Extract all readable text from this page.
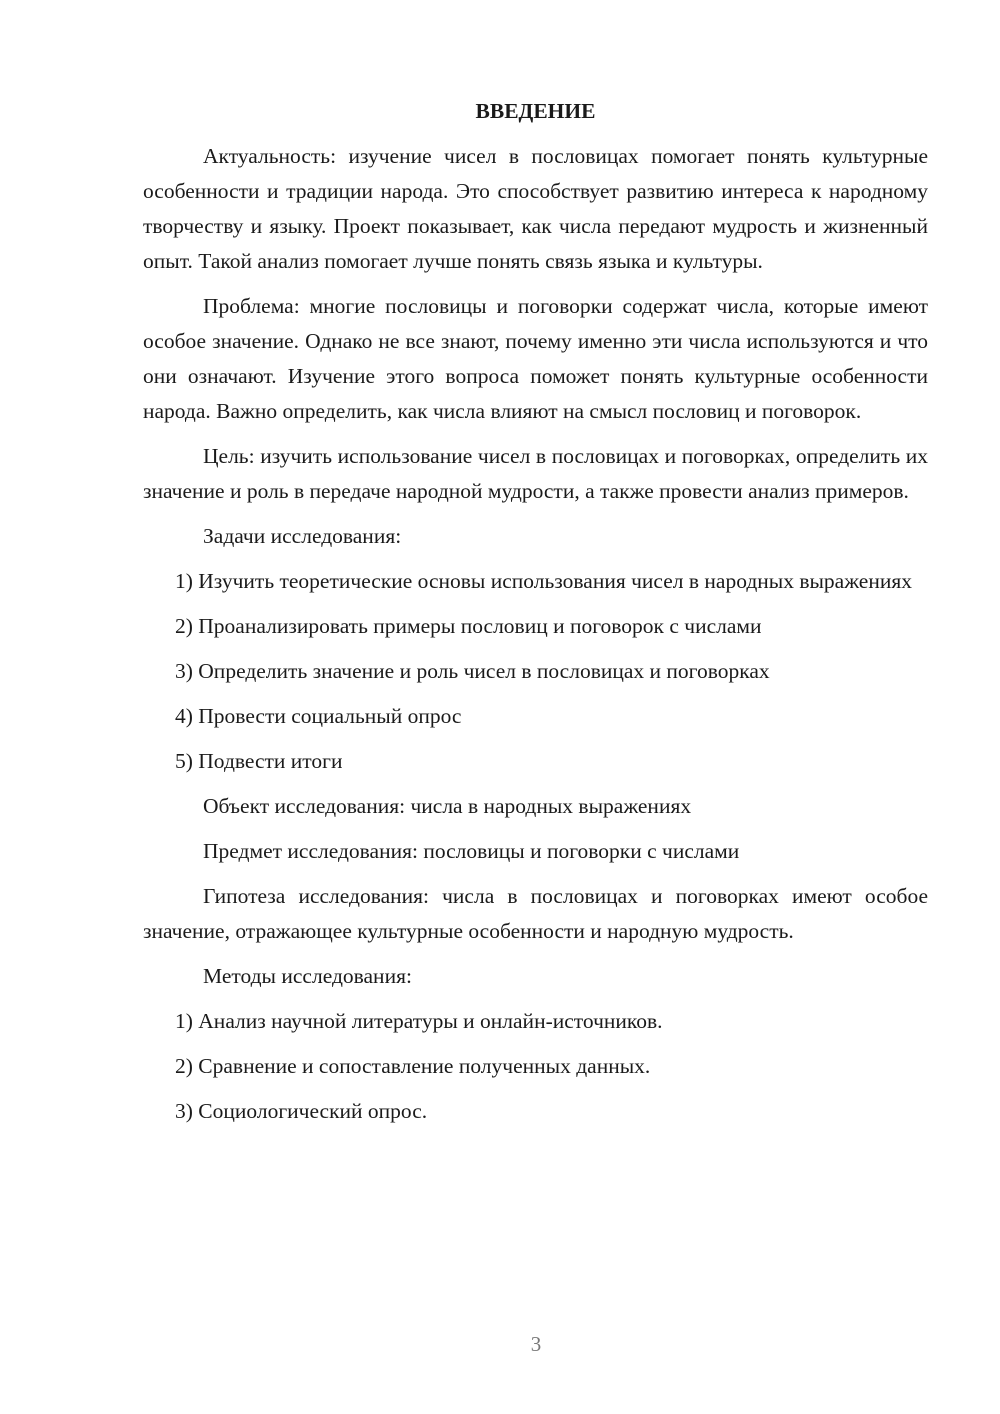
ВВЕДЕНИЕ

Актуальность: изучение чисел в пословицах помогает понять культурные особенности и традиции народа. Это способствует развитию интереса к народному творчеству и языку. Проект показывает, как числа передают мудрость и жизненный опыт. Такой анализ помогает лучше понять связь языка и культуры.

Проблема: многие пословицы и поговорки содержат числа, которые имеют особое значение. Однако не все знают, почему именно эти числа используются и что они означают. Изучение этого вопроса поможет понять культурные особенности народа. Важно определить, как числа влияют на смысл пословиц и поговорок.

Цель: изучить использование чисел в пословицах и поговорках, определить их значение и роль в передаче народной мудрости, а также провести анализ примеров.

Задачи исследования:

1) Изучить теоретические основы использования чисел в народных выражениях

2) Проанализировать примеры пословиц и поговорок с числами

3) Определить значение и роль чисел в пословицах и поговорках

4) Провести социальный опрос

5) Подвести итоги

Объект исследования: числа в народных выражениях

Предмет исследования: пословицы и поговорки с числами

Гипотеза исследования: числа в пословицах и поговорках имеют особое значение, отражающее культурные особенности и народную мудрость.

Методы исследования:

1) Анализ научной литературы и онлайн-источников.

2) Сравнение и сопоставление полученных данных.

3) Социологический опрос.

3
